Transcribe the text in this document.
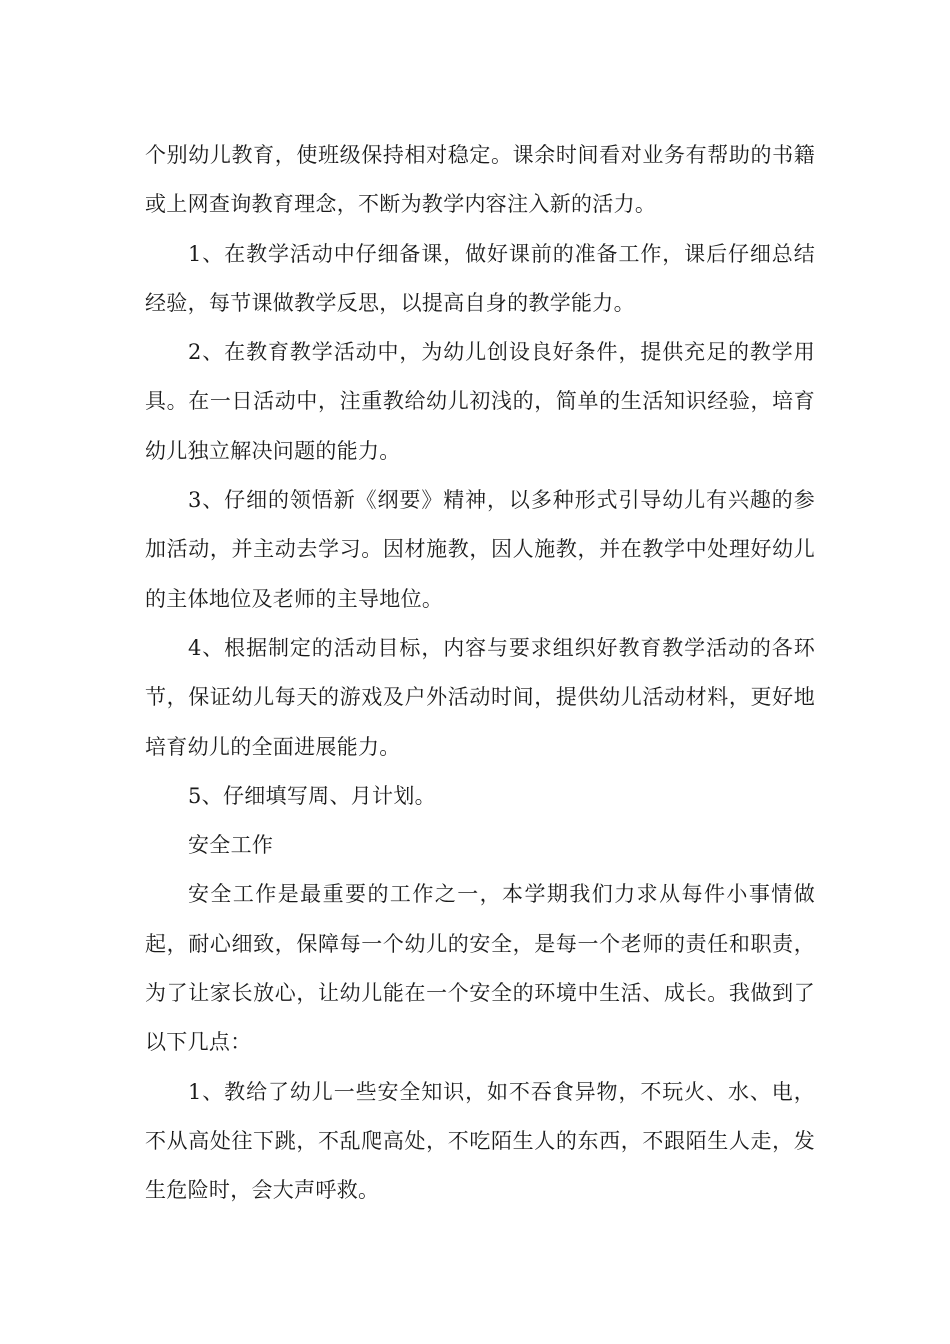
个别幼儿教育，使班级保持相对稳定。课余时间看对业务有帮助的书籍或上网查询教育理念，不断为教学内容注入新的活力。

1、在教学活动中仔细备课，做好课前的准备工作，课后仔细总结经验，每节课做教学反思，以提高自身的教学能力。

2、在教育教学活动中，为幼儿创设良好条件，提供充足的教学用具。在一日活动中，注重教给幼儿初浅的，简单的生活知识经验，培育幼儿独立解决问题的能力。

3、仔细的领悟新《纲要》精神，以多种形式引导幼儿有兴趣的参加活动，并主动去学习。因材施教，因人施教，并在教学中处理好幼儿的主体地位及老师的主导地位。

4、根据制定的活动目标，内容与要求组织好教育教学活动的各环节，保证幼儿每天的游戏及户外活动时间，提供幼儿活动材料，更好地培育幼儿的全面进展能力。

5、仔细填写周、月计划。

安全工作

安全工作是最重要的工作之一，本学期我们力求从每件小事情做起，耐心细致，保障每一个幼儿的安全，是每一个老师的责任和职责，为了让家长放心，让幼儿能在一个安全的环境中生活、成长。我做到了以下几点：

1、教给了幼儿一些安全知识，如不吞食异物，不玩火、水、电，不从高处往下跳，不乱爬高处，不吃陌生人的东西，不跟陌生人走，发生危险时，会大声呼救。
